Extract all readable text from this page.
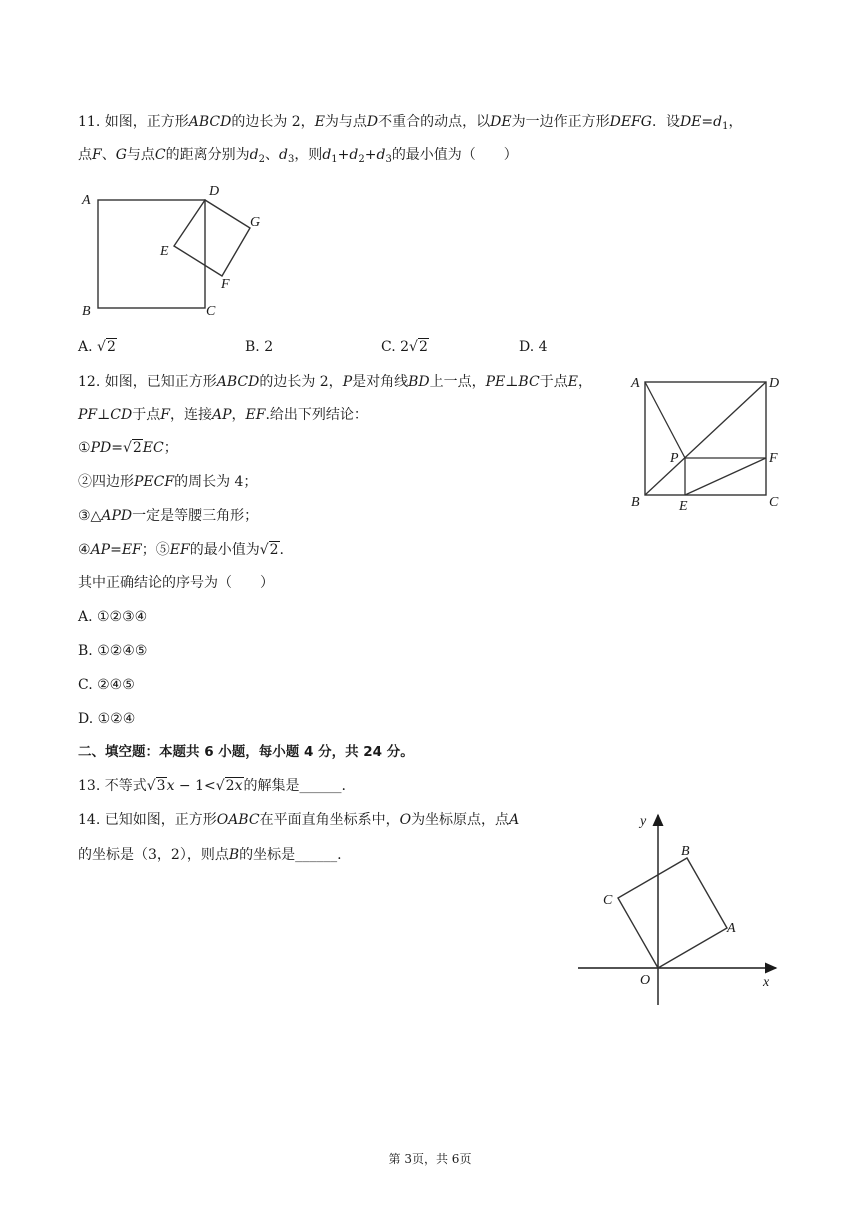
11. 如图，正方形ABCD的边长为 2，E为与点D不重合的动点，以DE为一边作正方形DEFG．设$DE=d_1$，
点F、G与点C的距离分别为$d_2$、$d_3$，则$d_1+d_2+d_3$的最小值为（　　）
A
D
G
E
F
B	C
A. √2	B. 2	C. 2√2	D. 4
12. 如图，已知正方形ABCD的边长为 2，P是对角线BD上一点，PE⊥BC于点E，
PF⊥CD于点F，连接AP，EF.给出下列结论：
①PD=√2EC；
②四边形PECF的周长为 4；
③△APD一定是等腰三角形；
④AP=EF；⑤EF的最小值为√2.
其中正确结论的序号为（　　）
A. ①②③④
B. ①②④⑤
C. ②④⑤
D. ①②④
A	D
P	F
B	E	C
二、填空题：本题共 6 小题，每小题 4 分，共 24 分。
13. 不等式√3x − 1<√2x的解集是______.
14. 已知如图，正方形OABC在平面直角坐标系中，O为坐标原点，点A
的坐标是（3，2），则点B的坐标是______.
y
x
O
A
B
C
第 3页，共 6页
